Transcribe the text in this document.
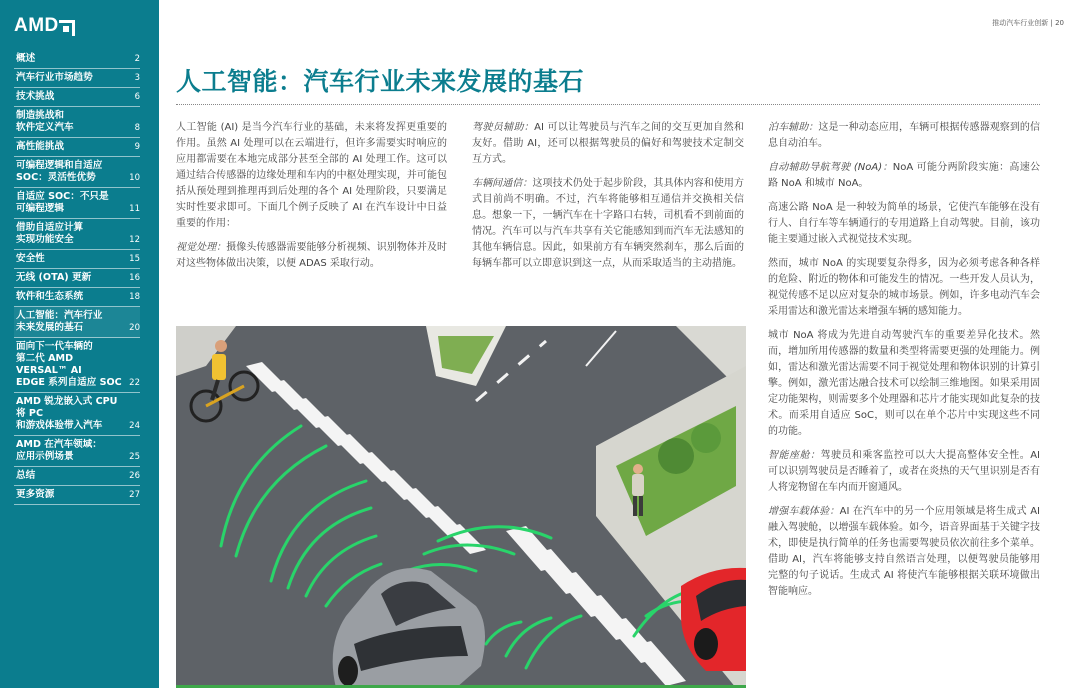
AMD
概述	2
汽车行业市场趋势	3
技术挑战	6
制造挑战和
软件定义汽车	8
高性能挑战	9
可编程逻辑和自适应
SOC：灵活性优势	10
自适应 SOC：不只是
可编程逻辑	11
借助自适应计算
实现功能安全	12
安全性	15
无线 (OTA) 更新	16
软件和生态系统	18
人工智能：汽车行业
未来发展的基石	20
面向下一代车辆的
第二代 AMD VERSAL™ AI
EDGE 系列自适应 SOC 22
AMD 锐龙嵌入式 CPU 将 PC
和游戏体验带入汽车	24
AMD 在汽车领域：
应用示例场景	25
总结	26
更多资源	27
推动汽车行业创新 | 20
人工智能：汽车行业未来发展的基石

人工智能 (AI) 是当今汽车行业的基础，未来将发挥更重要的作用。虽然 AI 处理可以在云端进行，但许多需要实时响应的应用都需要在本地完成部分甚至全部的 AI 处理工作。这可以通过结合传感器的边缘处理和车内的中枢处理实现，并可能包括从预处理到推理再到后处理的各个 AI 处理阶段，只要满足实时性要求即可。下面几个例子反映了 AI 在汽车设计中日益重要的作用：

视觉处理：摄像头传感器需要能够分析视频、识别物体并及时对这些物体做出决策，以便 ADAS 采取行动。

驾驶员辅助：AI 可以让驾驶员与汽车之间的交互更加自然和友好。借助 AI，还可以根据驾驶员的偏好和驾驶技术定制交互方式。

车辆间通信：这项技术仍处于起步阶段，其具体内容和使用方式目前尚不明确。不过，汽车将能够相互通信并交换相关信息。想象一下，一辆汽车在十字路口右转，司机看不到前面的情况。汽车可以与汽车共享有关它能感知到而汽车无法感知的其他车辆信息。因此，如果前方有车辆突然刹车，那么后面的每辆车都可以立即意识到这一点，从而采取适当的主动措施。

泊车辅助：这是一种动态应用，车辆可根据传感器观察到的信息自动泊车。

自动辅助导航驾驶 (NoA)：NoA 可能分两阶段实施：高速公路 NoA 和城市 NoA。

高速公路 NoA 是一种较为简单的场景，它使汽车能够在没有行人、自行车等车辆通行的专用道路上自动驾驶。目前，该功能主要通过嵌入式视觉技术实现。

然而，城市 NoA 的实现要复杂得多，因为必须考虑各种各样的危险、附近的物体和可能发生的情况。一些开发人员认为，视觉传感不足以应对复杂的城市场景。例如，许多电动汽车会采用雷达和激光雷达来增强车辆的感知能力。

城市 NoA 将成为先进自动驾驶汽车的重要差异化技术。然而，增加所用传感器的数量和类型将需要更强的处理能力。例如，雷达和激光雷达需要不同于视觉处理和物体识别的计算引擎。例如，激光雷达融合技术可以绘制三维地图。如果采用固定功能架构，则需要多个处理器和芯片才能实现如此复杂的技术。而采用自适应 SoC，则可以在单个芯片中实现这些不同的功能。

智能座舱：驾驶员和乘客监控可以大大提高整体安全性。AI 可以识别驾驶员是否睡着了，或者在炎热的天气里识别是否有人将宠物留在车内而开窗通风。

增强车载体验：AI 在汽车中的另一个应用领域是将生成式 AI 融入驾驶舱，以增强车载体验。如今，语音界面基于关键字技术，即使是执行简单的任务也需要驾驶员依次前往多个菜单。借助 AI，汽车将能够支持自然语言处理，以便驾驶员能够用完整的句子说话。生成式 AI 将使汽车能够根据关联环境做出智能响应。
